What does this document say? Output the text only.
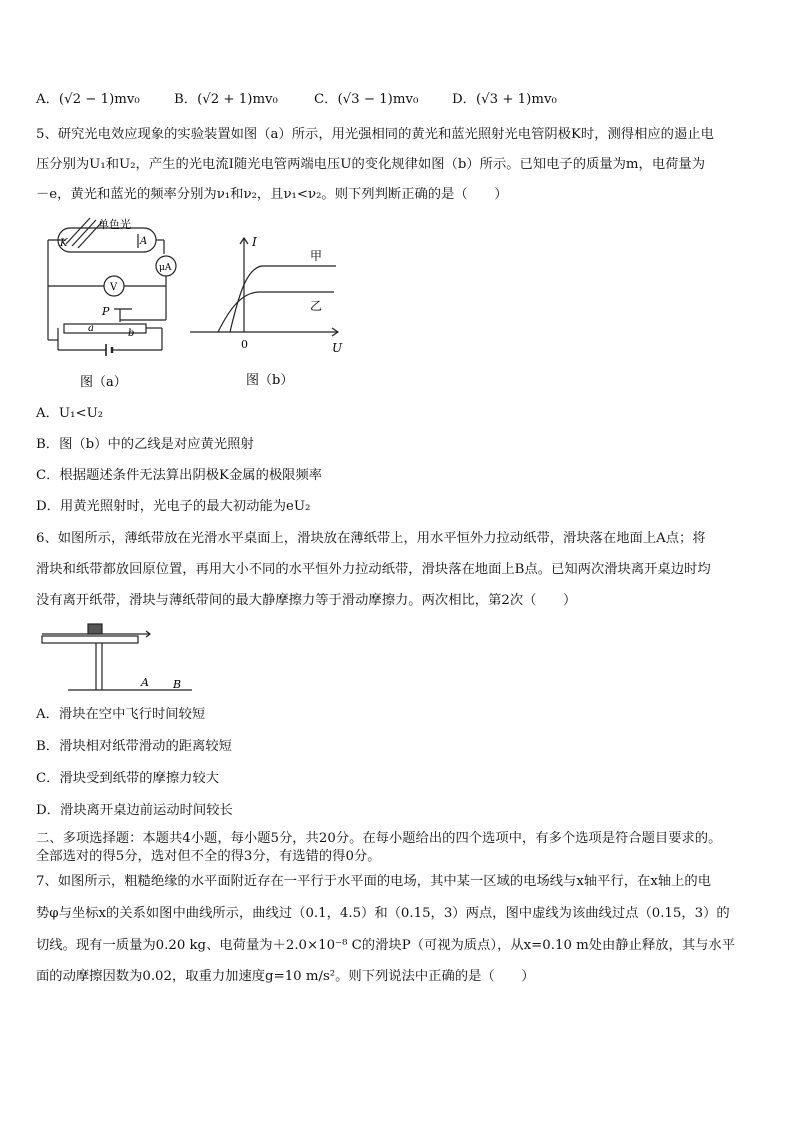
A．(√2 − 1)mv₀	B．(√2 + 1)mv₀	C．(√3 − 1)mv₀	D．(√3 + 1)mv₀
5、研究光电效应现象的实验装置如图（a）所示，用光强相同的黄光和蓝光照射光电管阴极K时，测得相应的遏止电
压分别为U₁和U₂，产生的光电流I随光电管两端电压U的变化规律如图（b）所示。已知电子的质量为m，电荷量为
－e，黄光和蓝光的频率分别为ν₁和ν₂，且ν₁<ν₂。则下列判断正确的是（　　）
单色光
K	A
μA
V
P
a	b
图（a）
I
U
0
甲
乙
图（b）
A．U₁<U₂
B．图（b）中的乙线是对应黄光照射
C．根据题述条件无法算出阴极K金属的极限频率
D．用黄光照射时，光电子的最大初动能为eU₂
6、如图所示，薄纸带放在光滑水平桌面上，滑块放在薄纸带上，用水平恒外力拉动纸带，滑块落在地面上A点；将
滑块和纸带都放回原位置，再用大小不同的水平恒外力拉动纸带，滑块落在地面上B点。已知两次滑块离开桌边时均
没有离开纸带，滑块与薄纸带间的最大静摩擦力等于滑动摩擦力。两次相比，第2次（　　）
A B
A．滑块在空中飞行时间较短
B．滑块相对纸带滑动的距离较短
C．滑块受到纸带的摩擦力较大
D．滑块离开桌边前运动时间较长
二、多项选择题：本题共4小题，每小题5分，共20分。在每小题给出的四个选项中，有多个选项是符合题目要求的。
全部选对的得5分，选对但不全的得3分，有选错的得0分。
7、如图所示，粗糙绝缘的水平面附近存在一平行于水平面的电场，其中某一区域的电场线与x轴平行，在x轴上的电
势φ与坐标x的关系如图中曲线所示，曲线过（0.1，4.5）和（0.15，3）两点，图中虚线为该曲线过点（0.15，3）的
切线。现有一质量为0.20 kg、电荷量为＋2.0×10⁻⁸ C的滑块P（可视为质点），从x=0.10 m处由静止释放，其与水平
面的动摩擦因数为0.02，取重力加速度g=10 m/s²。则下列说法中正确的是（　　）
